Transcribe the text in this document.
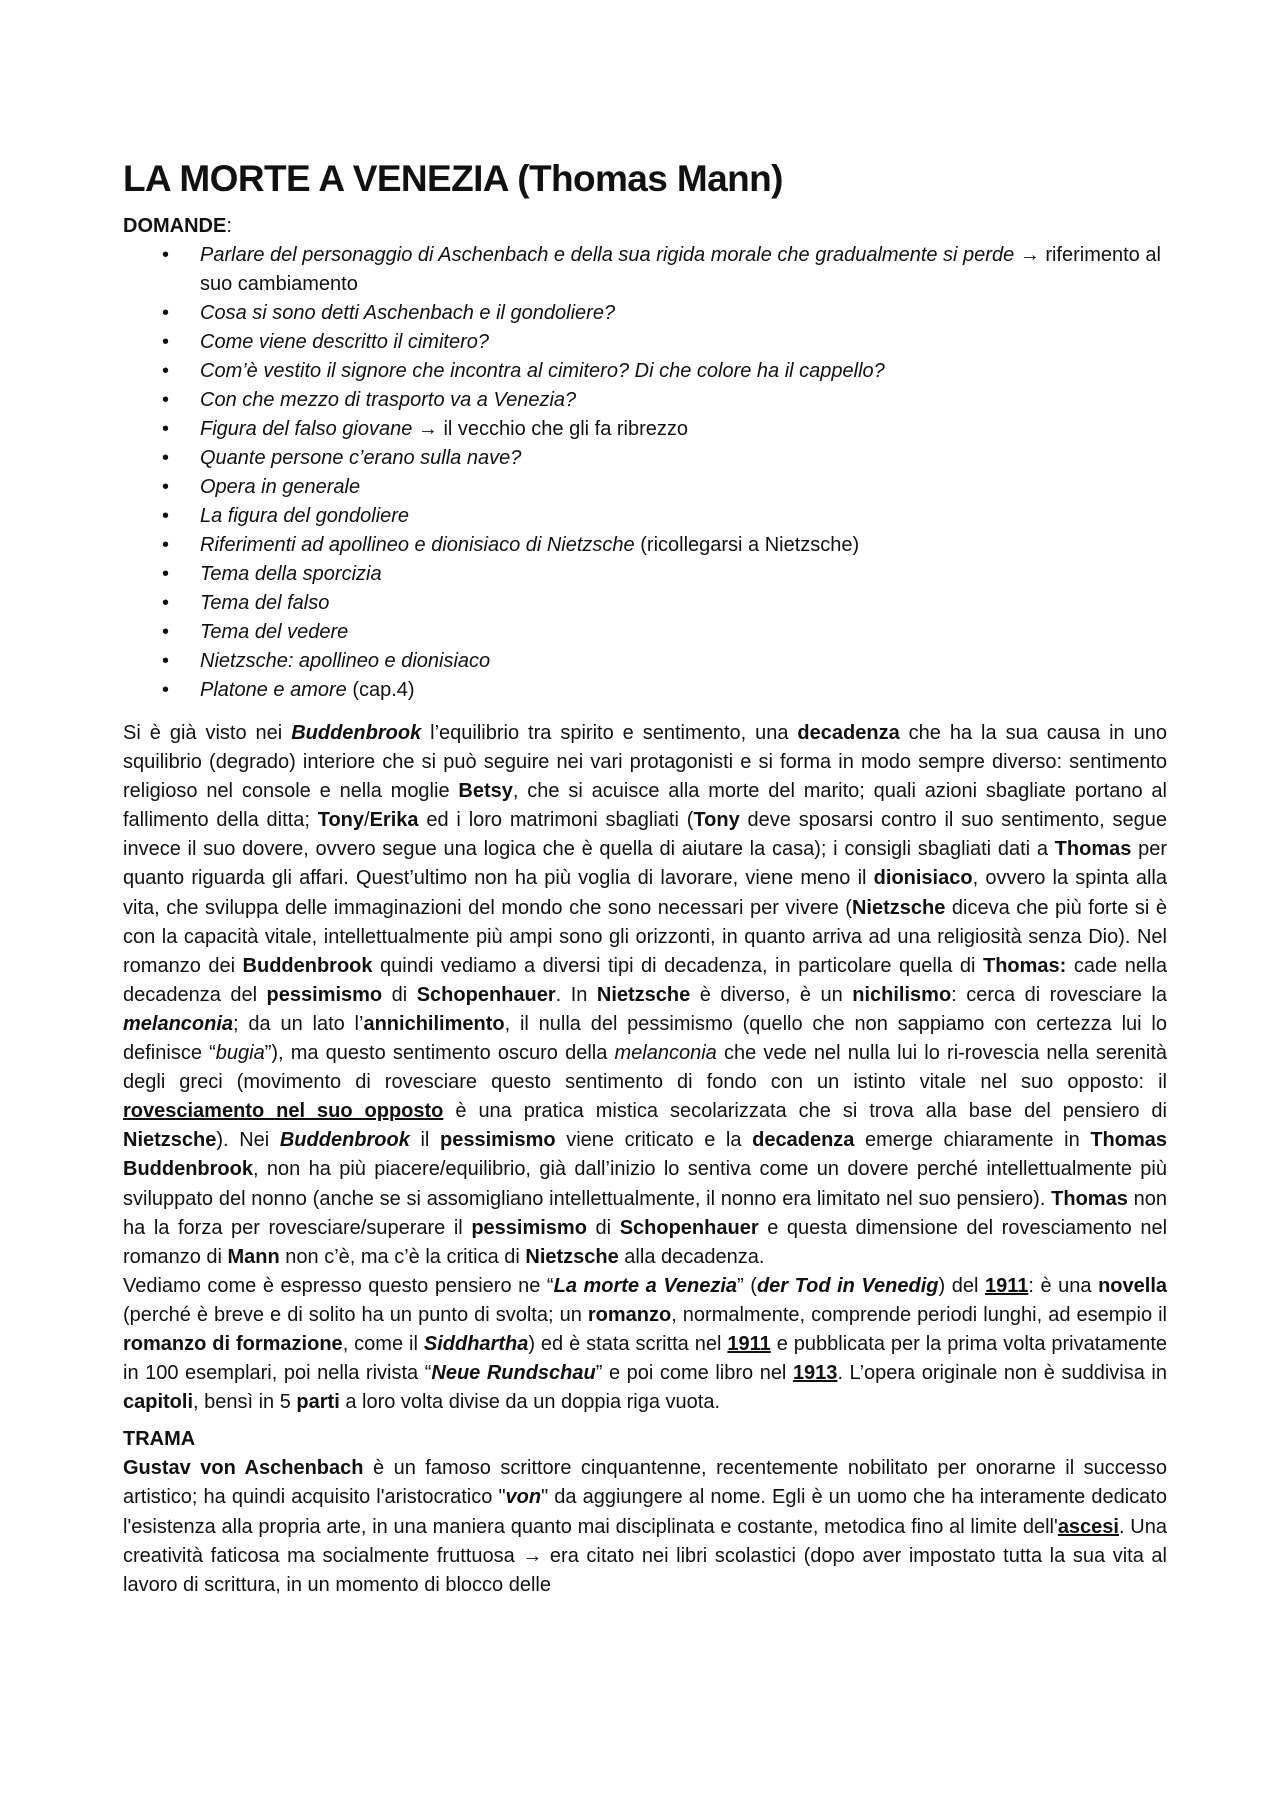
LA MORTE A VENEZIA (Thomas Mann)
DOMANDE:
• Parlare del personaggio di Aschenbach e della sua rigida morale che gradualmente si perde → riferimento al suo cambiamento
• Cosa si sono detti Aschenbach e il gondoliere?
• Come viene descritto il cimitero?
• Com’è vestito il signore che incontra al cimitero? Di che colore ha il cappello?
• Con che mezzo di trasporto va a Venezia?
• Figura del falso giovane → il vecchio che gli fa ribrezzo
• Quante persone c’erano sulla nave?
• Opera in generale
• La figura del gondoliere
• Riferimenti ad apollineo e dionisiaco di Nietzsche (ricollegarsi a Nietzsche)
• Tema della sporcizia
• Tema del falso
• Tema del vedere
• Nietzsche: apollineo e dionisiaco
• Platone e amore (cap.4)

Si è già visto nei Buddenbrook l’equilibrio tra spirito e sentimento, una decadenza che ha la sua causa in uno squilibrio (degrado) interiore che si può seguire nei vari protagonisti e si forma in modo sempre diverso: sentimento religioso nel console e nella moglie Betsy, che si acuisce alla morte del marito; quali azioni sbagliate portano al fallimento della ditta; Tony/Erika ed i loro matrimoni sbagliati (Tony deve sposarsi contro il suo sentimento, segue invece il suo dovere, ovvero segue una logica che è quella di aiutare la casa); i consigli sbagliati dati a Thomas per quanto riguarda gli affari. Quest’ultimo non ha più voglia di lavorare, viene meno il dionisiaco, ovvero la spinta alla vita, che sviluppa delle immaginazioni del mondo che sono necessari per vivere (Nietzsche diceva che più forte si è con la capacità vitale, intellettualmente più ampi sono gli orizzonti, in quanto arriva ad una religiosità senza Dio). Nel romanzo dei Buddenbrook quindi vediamo a diversi tipi di decadenza, in particolare quella di Thomas: cade nella decadenza del pessimismo di Schopenhauer. In Nietzsche è diverso, è un nichilismo: cerca di rovesciare la melanconia; da un lato l’annichilimento, il nulla del pessimismo (quello che non sappiamo con certezza lui lo definisce “bugia”), ma questo sentimento oscuro della melanconia che vede nel nulla lui lo ri-rovescia nella serenità degli greci (movimento di rovesciare questo sentimento di fondo con un istinto vitale nel suo opposto: il rovesciamento nel suo opposto è una pratica mistica secolarizzata che si trova alla base del pensiero di Nietzsche). Nei Buddenbrook il pessimismo viene criticato e la decadenza emerge chiaramente in Thomas Buddenbrook, non ha più piacere/equilibrio, già dall’inizio lo sentiva come un dovere perché intellettualmente più sviluppato del nonno (anche se si assomigliano intellettualmente, il nonno era limitato nel suo pensiero). Thomas non ha la forza per rovesciare/superare il pessimismo di Schopenhauer e questa dimensione del rovesciamento nel romanzo di Mann non c’è, ma c’è la critica di Nietzsche alla decadenza.

Vediamo come è espresso questo pensiero ne “La morte a Venezia” (der Tod in Venedig) del 1911: è una novella (perché è breve e di solito ha un punto di svolta; un romanzo, normalmente, comprende periodi lunghi, ad esempio il romanzo di formazione, come il Siddhartha) ed è stata scritta nel 1911 e pubblicata per la prima volta privatamente in 100 esemplari, poi nella rivista “Neue Rundschau” e poi come libro nel 1913. L’opera originale non è suddivisa in capitoli, bensì in 5 parti a loro volta divise da un doppia riga vuota.

TRAMA

Gustav von Aschenbach è un famoso scrittore cinquantenne, recentemente nobilitato per onorarne il successo artistico; ha quindi acquisito l'aristocratico "von" da aggiungere al nome. Egli è un uomo che ha interamente dedicato l'esistenza alla propria arte, in una maniera quanto mai disciplinata e costante, metodica fino al limite dell'ascesi. Una creatività faticosa ma socialmente fruttuosa → era citato nei libri scolastici (dopo aver impostato tutta la sua vita al lavoro di scrittura, in un momento di blocco delle
